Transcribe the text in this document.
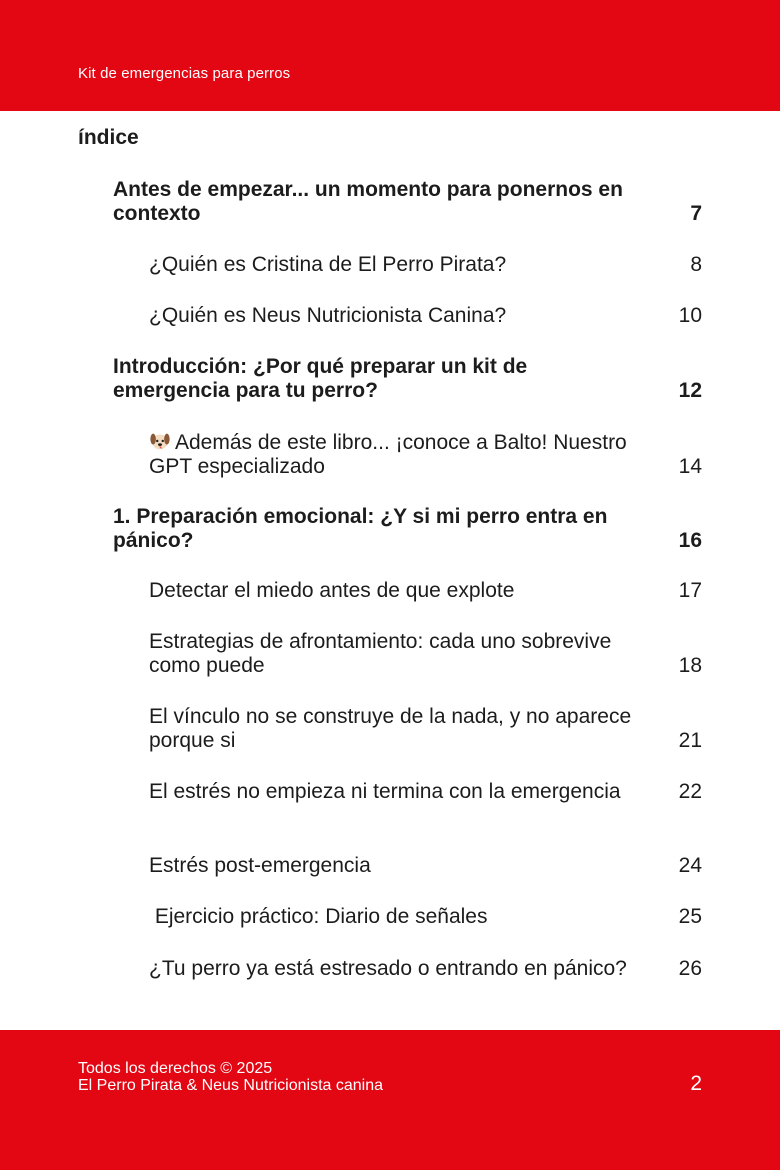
Kit de emergencias para perros
índice
Antes de empezar... un momento para ponernos en contexto	7
¿Quién es Cristina de El Perro Pirata?	8
¿Quién es Neus Nutricionista Canina?	10
Introducción: ¿Por qué preparar un kit de emergencia para tu perro?	12
Además de este libro... ¡conoce a Balto! Nuestro GPT especializado	14
1. Preparación emocional: ¿Y si mi perro entra en pánico?	16
Detectar el miedo antes de que explote	17
Estrategias de afrontamiento: cada uno sobrevive como puede	18
El vínculo no se construye de la nada, y no aparece porque si	21
El estrés no empieza ni termina con la emergencia	22
Estrés post-emergencia	24
Ejercicio práctico: Diario de señales	25
¿Tu perro ya está estresado o entrando en pánico?	26
Todos los derechos © 2025
El Perro Pirata & Neus Nutricionista canina	2
